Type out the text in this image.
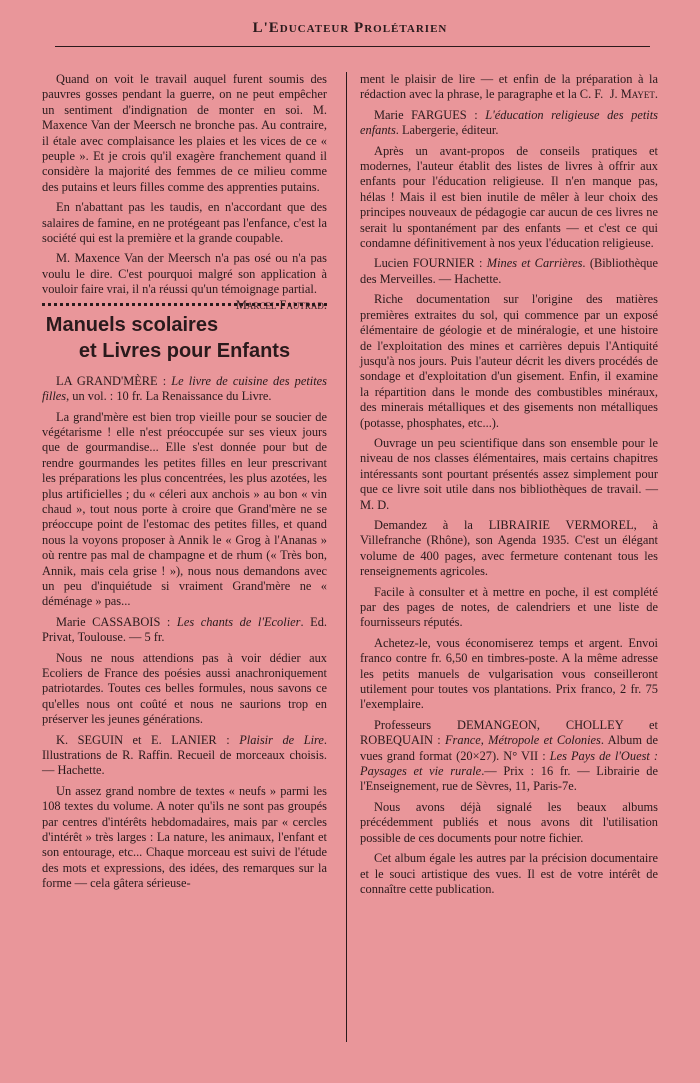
L'Educateur Prolétarien

Quand on voit le travail auquel furent soumis des pauvres gosses pendant la guerre, on ne peut empêcher un sentiment d'indignation de monter en soi. M. Maxence Van der Meersch ne bronche pas. Au contraire, il étale avec complaisance les plaies et les vices de ce « peuple ». Et je crois qu'il exagère franchement quand il considère la majorité des femmes de ce milieu comme des putains et leurs filles comme des apprenties putains.

En n'abattant pas les taudis, en n'accordant que des salaires de famine, en ne protégeant pas l'enfance, c'est la société qui est la première et la grande coupable.

M. Maxence Van der Meersch n'a pas osé ou n'a pas voulu le dire. C'est pourquoi malgré son application à vouloir faire vrai, il n'a réussi qu'un témoignage partial.
Marcel Fautrad.

Manuels scolaires
et Livres pour Enfants

LA GRAND'MÈRE : Le livre de cuisine des petites filles, un vol. : 10 fr. La Renaissance du Livre.

La grand'mère est bien trop vieille pour se soucier de végétarisme ! elle n'est préoccupée sur ses vieux jours que de gourmandise... Elle s'est donnée pour but de rendre gourmandes les petites filles en leur prescrivant les préparations les plus concentrées, les plus azotées, les plus artificielles ; du « céleri aux anchois » au bon « vin chaud », tout nous porte à croire que Grand'mère ne se préoccupe point de l'estomac des petites filles, et quand nous la voyons proposer à Annik le « Grog à l'Ananas » où rentre pas mal de champagne et de rhum (« Très bon, Annik, mais cela grise ! »), nous nous demandons avec un peu d'inquiétude si vraiment Grand'mère ne « déménage » pas...

Marie CASSABOIS : Les chants de l'Ecolier. Ed. Privat, Toulouse. — 5 fr.

Nous ne nous attendions pas à voir dédier aux Ecoliers de France des poésies aussi anachroniquement patriotardes. Toutes ces belles formules, nous savons ce qu'elles nous ont coûté et nous ne saurions trop en préserver les jeunes générations.

K. SEGUIN et E. LANIER : Plaisir de Lire. Illustrations de R. Raffin. Recueil de morceaux choisis. — Hachette.

Un assez grand nombre de textes « neufs » parmi les 108 textes du volume. A noter qu'ils ne sont pas groupés par centres d'intérêts hebdomadaires, mais par « cercles d'intérêt » très larges : La nature, les animaux, l'enfant et son entourage, etc... Chaque morceau est suivi de l'étude des mots et expressions, des idées, des remarques sur la forme — cela gâtera sérieuse-

ment le plaisir de lire — et enfin de la préparation à la rédaction avec la phrase, le paragraphe et la C. F. J. Mayet.

Marie FARGUES : L'éducation religieuse des petits enfants. Labergerie, éditeur.

Après un avant-propos de conseils pratiques et modernes, l'auteur établit des listes de livres à offrir aux enfants pour l'éducation religieuse. Il n'en manque pas, hélas ! Mais il est bien inutile de mêler à leur choix des principes nouveaux de pédagogie car aucun de ces livres ne serait lu spontanément par des enfants — et c'est ce qui condamne définitivement à nos yeux l'éducation religieuse.

Lucien FOURNIER : Mines et Carrières. (Bibliothèque des Merveilles. — Hachette.

Riche documentation sur l'origine des matières premières extraites du sol, qui commence par un exposé élémentaire de géologie et de minéralogie, et une histoire de l'exploitation des mines et carrières depuis l'Antiquité jusqu'à nos jours. Puis l'auteur décrit les divers procédés de sondage et d'exploitation d'un gisement. Enfin, il examine la répartition dans le monde des combustibles minéraux, des minerais métalliques et des gisements non métalliques (potasse, phosphates, etc...).

Ouvrage un peu scientifique dans son ensemble pour le niveau de nos classes élémentaires, mais certains chapitres intéressants sont pourtant présentés assez simplement pour que ce livre soit utile dans nos bibliothèques de travail. — M. D.

Demandez à la LIBRAIRIE VERMOREL, à Villefranche (Rhône), son Agenda 1935. C'est un élégant volume de 400 pages, avec fermeture contenant tous les renseignements agricoles.

Facile à consulter et à mettre en poche, il est complété par des pages de notes, de calendriers et une liste de fournisseurs réputés.

Achetez-le, vous économiserez temps et argent. Envoi franco contre fr. 6,50 en timbres-poste. A la même adresse les petits manuels de vulgarisation vous conseilleront utilement pour toutes vos plantations. Prix franco, 2 fr. 75 l'exemplaire.

Professeurs DEMANGEON, CHOLLEY et ROBEQUAIN : France, Métropole et Colonies. Album de vues grand format (20×27). N° VII : Les Pays de l'Ouest : Paysages et vie rurale.— Prix : 16 fr. — Librairie de l'Enseignement, rue de Sèvres, 11, Paris-7e.

Nous avons déjà signalé les beaux albums précédemment publiés et nous avons dit l'utilisation possible de ces documents pour notre fichier.

Cet album égale les autres par la précision documentaire et le souci artistique des vues. Il est de votre intérêt de connaître cette publication.
